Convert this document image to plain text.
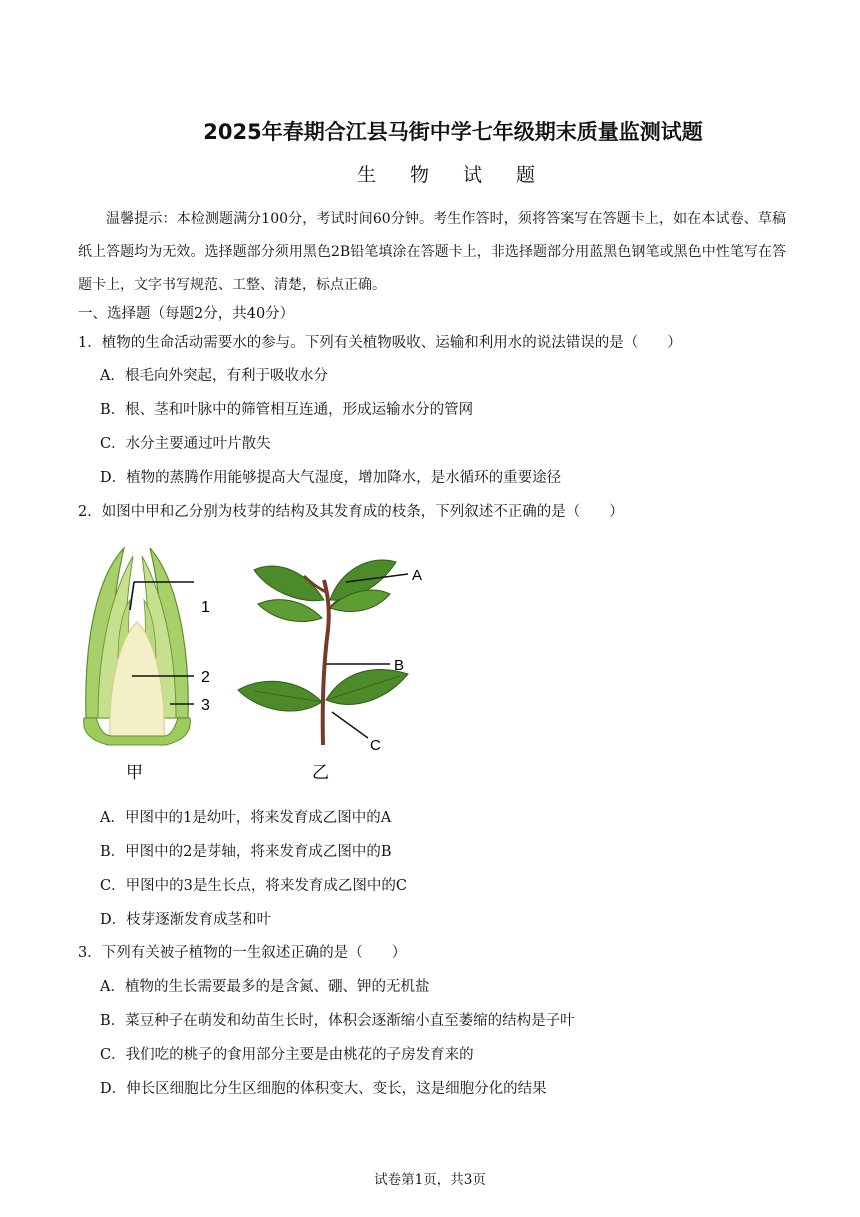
2025年春期合江县马街中学七年级期末质量监测试题
生 物 试 题
温馨提示：本检测题满分100分，考试时间60分钟。考生作答时，须将答案写在答题卡上，如在本试卷、草稿纸上答题均为无效。选择题部分须用黑色2B铅笔填涂在答题卡上，非选择题部分用蓝黑色钢笔或黑色中性笔写在答题卡上，文字书写规范、工整、清楚，标点正确。
一、选择题（每题2分，共40分）
1．植物的生命活动需要水的参与。下列有关植物吸收、运输和利用水的说法错误的是（　　）
A．根毛向外突起，有利于吸收水分
B．根、茎和叶脉中的筛管相互连通，形成运输水分的管网
C．水分主要通过叶片散失
D．植物的蒸腾作用能够提高大气湿度，增加降水，是水循环的重要途径
2．如图中甲和乙分别为枝芽的结构及其发育成的枝条，下列叙述不正确的是（　　）
1
2
3
甲
A
B
C
乙
A．甲图中的1是幼叶，将来发育成乙图中的A
B．甲图中的2是芽轴，将来发育成乙图中的B
C．甲图中的3是生长点，将来发育成乙图中的C
D．枝芽逐渐发育成茎和叶
3．下列有关被子植物的一生叙述正确的是（　　）
A．植物的生长需要最多的是含氮、硼、钾的无机盐
B．菜豆种子在萌发和幼苗生长时，体积会逐渐缩小直至萎缩的结构是子叶
C．我们吃的桃子的食用部分主要是由桃花的子房发育来的
D．伸长区细胞比分生区细胞的体积变大、变长，这是细胞分化的结果
试卷第1页，共3页
